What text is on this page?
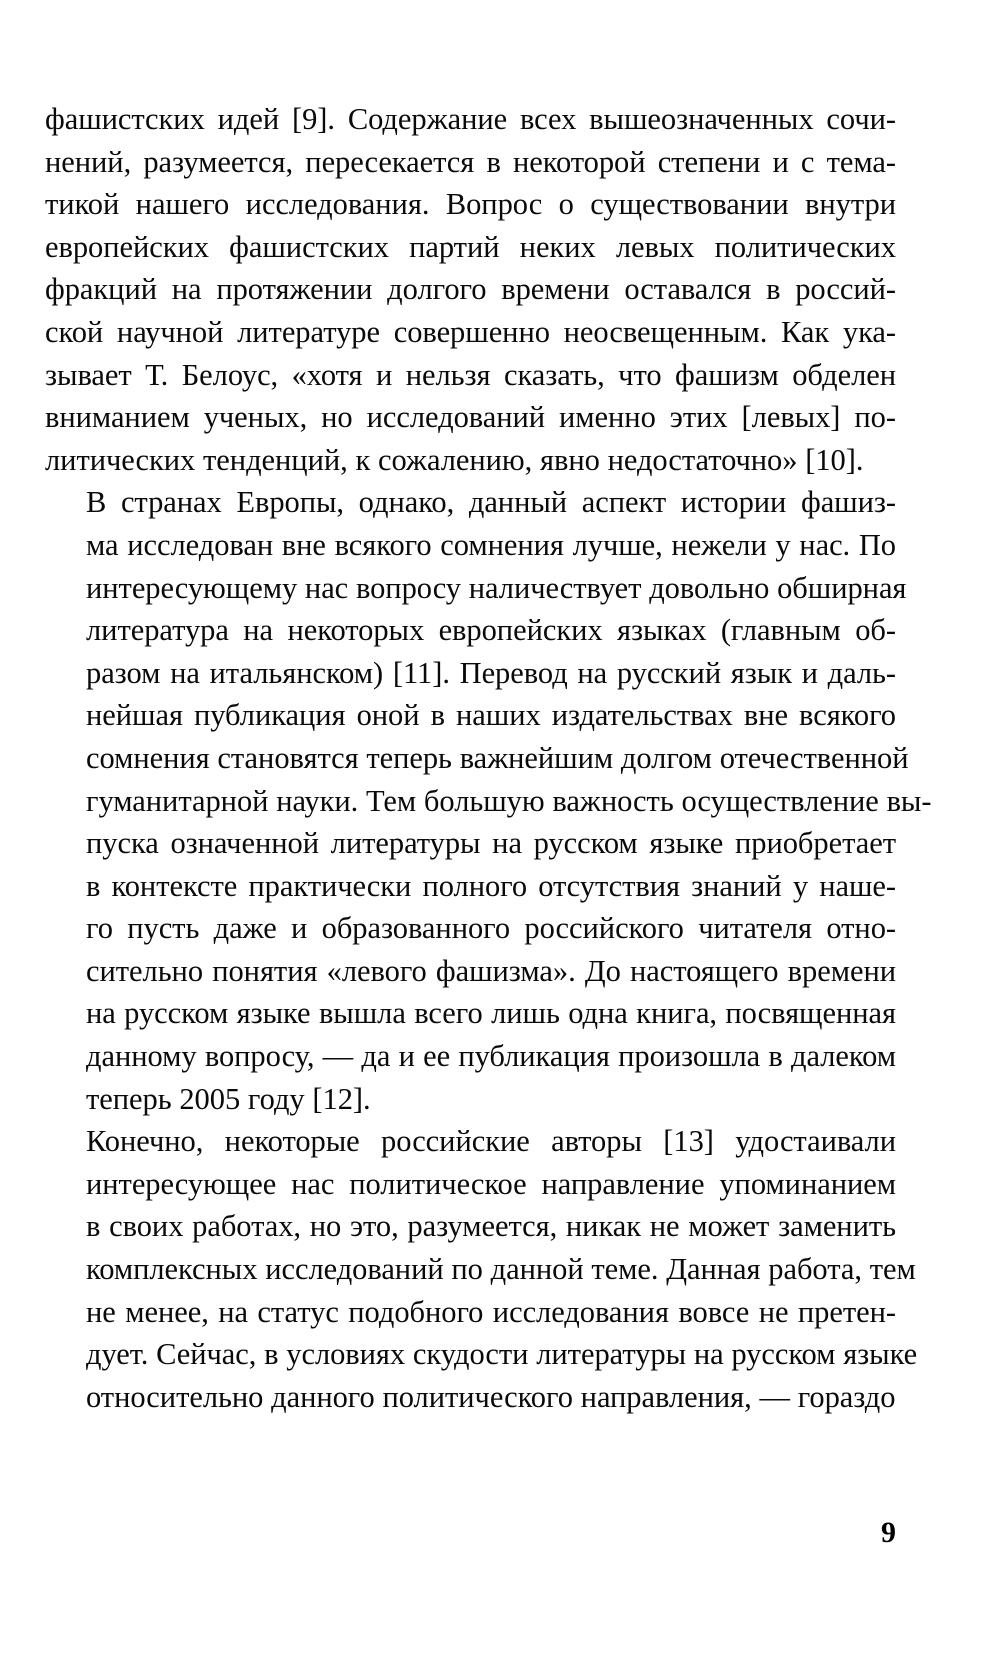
фашистских идей [9]. Содержание всех вышеозначенных сочи-
нений, разумеется, пересекается в некоторой степени и с тема-
тикой нашего исследования. Вопрос о существовании внутри
европейских фашистских партий неких левых политических
фракций на протяжении долгого времени оставался в россий-
ской научной литературе совершенно неосвещенным. Как ука-
зывает Т. Белоус, «хотя и нельзя сказать, что фашизм обделен
вниманием ученых, но исследований именно этих [левых] по-
литических тенденций, к сожалению, явно недостаточно» [10].

В странах Европы, однако, данный аспект истории фашиз-
ма исследован вне всякого сомнения лучше, нежели у нас. По
интересующему нас вопросу наличествует довольно обширная
литература на некоторых европейских языках (главным об-
разом на итальянском) [11]. Перевод на русский язык и даль-
нейшая публикация оной в наших издательствах вне всякого
сомнения становятся теперь важнейшим долгом отечественной
гуманитарной науки. Тем большую важность осуществление вы-
пуска означенной литературы на русском языке приобретает
в контексте практически полного отсутствия знаний у наше-
го пусть даже и образованного российского читателя отно-
сительно понятия «левого фашизма». До настоящего времени
на русском языке вышла всего лишь одна книга, посвященная
данному вопросу, — да и ее публикация произошла в далеком
теперь 2005 году [12].

Конечно, некоторые российские авторы [13] удостаивали
интересующее нас политическое направление упоминанием
в своих работах, но это, разумеется, никак не может заменить
комплексных исследований по данной теме. Данная работа, тем
не менее, на статус подобного исследования вовсе не претен-
дует. Сейчас, в условиях скудости литературы на русском языке
относительно данного политического направления, — гораздо

9
